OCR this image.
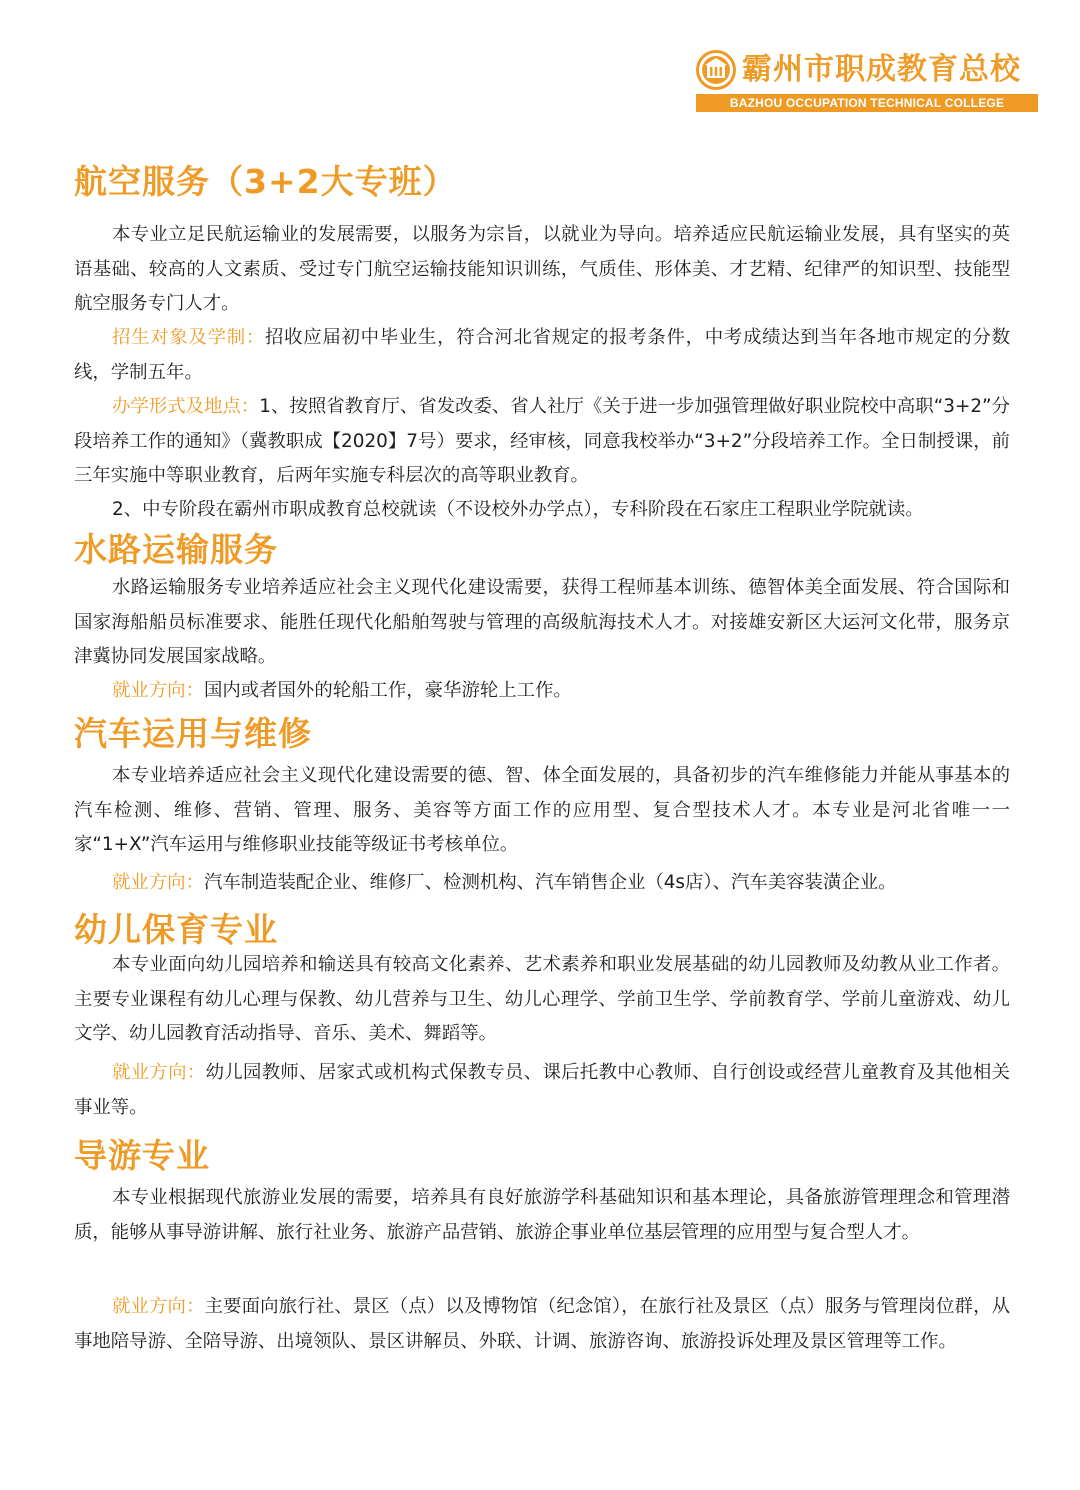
霸州市职成教育总校
BAZHOU OCCUPATION TECHNICAL COLLEGE
航空服务（3+2大专班）

本专业立足民航运输业的发展需要，以服务为宗旨，以就业为导向。培养适应民航运输业发展，具有坚实的英语基础、较高的人文素质、受过专门航空运输技能知识训练，气质佳、形体美、才艺精、纪律严的知识型、技能型航空服务专门人才。

招生对象及学制：招收应届初中毕业生，符合河北省规定的报考条件，中考成绩达到当年各地市规定的分数线，学制五年。

办学形式及地点：1、按照省教育厅、省发改委、省人社厅《关于进一步加强管理做好职业院校中高职“3+2”分段培养工作的通知》（冀教职成【2020】7号）要求，经审核，同意我校举办“3+2”分段培养工作。全日制授课，前三年实施中等职业教育，后两年实施专科层次的高等职业教育。

2、中专阶段在霸州市职成教育总校就读（不设校外办学点），专科阶段在石家庄工程职业学院就读。

水路运输服务

水路运输服务专业培养适应社会主义现代化建设需要，获得工程师基本训练、德智体美全面发展、符合国际和国家海船船员标准要求、能胜任现代化船舶驾驶与管理的高级航海技术人才。对接雄安新区大运河文化带，服务京津冀协同发展国家战略。

就业方向：国内或者国外的轮船工作，豪华游轮上工作。

汽车运用与维修

本专业培养适应社会主义现代化建设需要的德、智、体全面发展的，具备初步的汽车维修能力并能从事基本的汽车检测、维修、营销、管理、服务、美容等方面工作的应用型、复合型技术人才。本专业是河北省唯一一家“1+X”汽车运用与维修职业技能等级证书考核单位。

就业方向：汽车制造装配企业、维修厂、检测机构、汽车销售企业（4s店）、汽车美容装潢企业。

幼儿保育专业

本专业面向幼儿园培养和输送具有较高文化素养、艺术素养和职业发展基础的幼儿园教师及幼教从业工作者。主要专业课程有幼儿心理与保教、幼儿营养与卫生、幼儿心理学、学前卫生学、学前教育学、学前儿童游戏、幼儿文学、幼儿园教育活动指导、音乐、美术、舞蹈等。

就业方向：幼儿园教师、居家式或机构式保教专员、课后托教中心教师、自行创设或经营儿童教育及其他相关事业等。

导游专业

本专业根据现代旅游业发展的需要，培养具有良好旅游学科基础知识和基本理论，具备旅游管理理念和管理潜质，能够从事导游讲解、旅行社业务、旅游产品营销、旅游企事业单位基层管理的应用型与复合型人才。

就业方向：主要面向旅行社、景区（点）以及博物馆（纪念馆），在旅行社及景区（点）服务与管理岗位群，从事地陪导游、全陪导游、出境领队、景区讲解员、外联、计调、旅游咨询、旅游投诉处理及景区管理等工作。
